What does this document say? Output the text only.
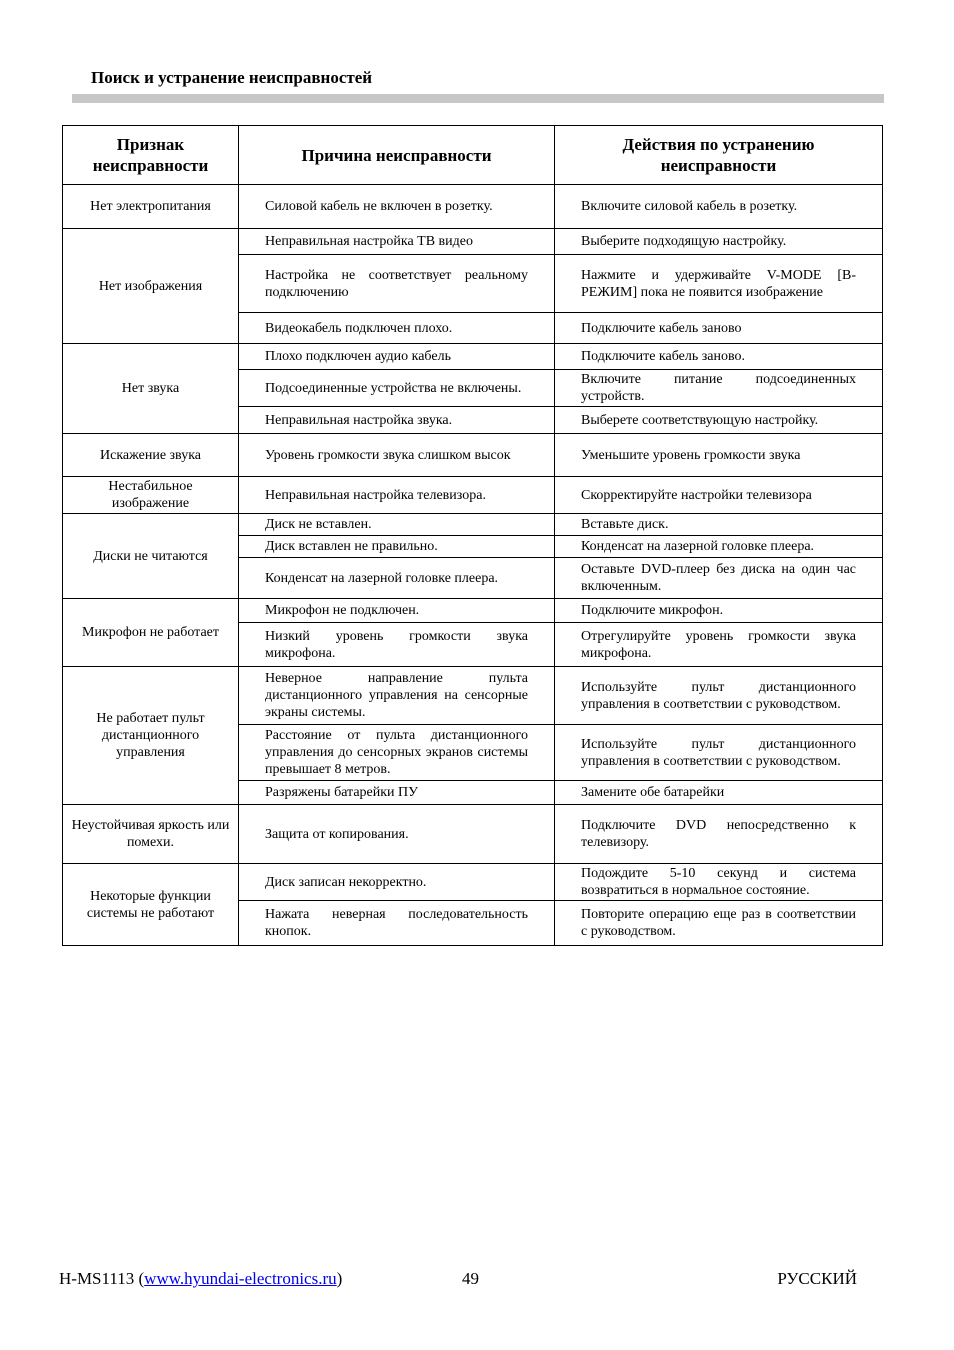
Поиск и устранение неисправностей
Признак неисправности	Причина неисправности	Действия по устранению неисправности
Нет электропитания	Силовой кабель не включен в розетку.	Включите силовой кабель в розетку.
Нет изображения	Неправильная настройка ТВ видео	Выберите подходящую настройку.
	Настройка не соответствует реальному подключению	Нажмите и удерживайте V-MODE [В-РЕЖИМ] пока не появится изображение
	Видеокабель подключен плохо.	Подключите кабель заново
Нет звука	Плохо подключен аудио кабель	Подключите кабель заново.
	Подсоединенные устройства не включены.	Включите питание подсоединенных устройств.
	Неправильная настройка звука.	Выберете соответствующую настройку.
Искажение звука	Уровень громкости звука слишком высок	Уменьшите уровень громкости звука
Нестабильное изображение	Неправильная настройка телевизора.	Скорректируйте настройки телевизора
Диски не читаются	Диск не вставлен.	Вставьте диск.
	Диск вставлен не правильно.	Конденсат на лазерной головке плеера.
	Конденсат на лазерной головке плеера.	Оставьте DVD-плеер без диска на один час включенным.
Микрофон не работает	Микрофон не подключен.	Подключите микрофон.
	Низкий уровень громкости звука микрофона.	Отрегулируйте уровень громкости звука микрофона.
Не работает пульт дистанционного управления	Неверное направление пульта дистанционного управления на сенсорные экраны системы.	Используйте пульт дистанционного управления в соответствии с руководством.
	Расстояние от пульта дистанционного управления до сенсорных экранов системы превышает 8 метров.	Используйте пульт дистанционного управления в соответствии с руководством.
	Разряжены батарейки ПУ	Замените обе батарейки
Неустойчивая яркость или помехи.	Защита от копирования.	Подключите DVD непосредственно к телевизору.
Некоторые функции системы не работают	Диск записан некорректно.	Подождите 5-10 секунд и система возвратиться в нормальное состояние.
	Нажата неверная последовательность кнопок.	Повторите операцию еще раз в соответствии с руководством.
H-MS1113 (www.hyundai-electronics.ru)	49	РУССКИЙ
